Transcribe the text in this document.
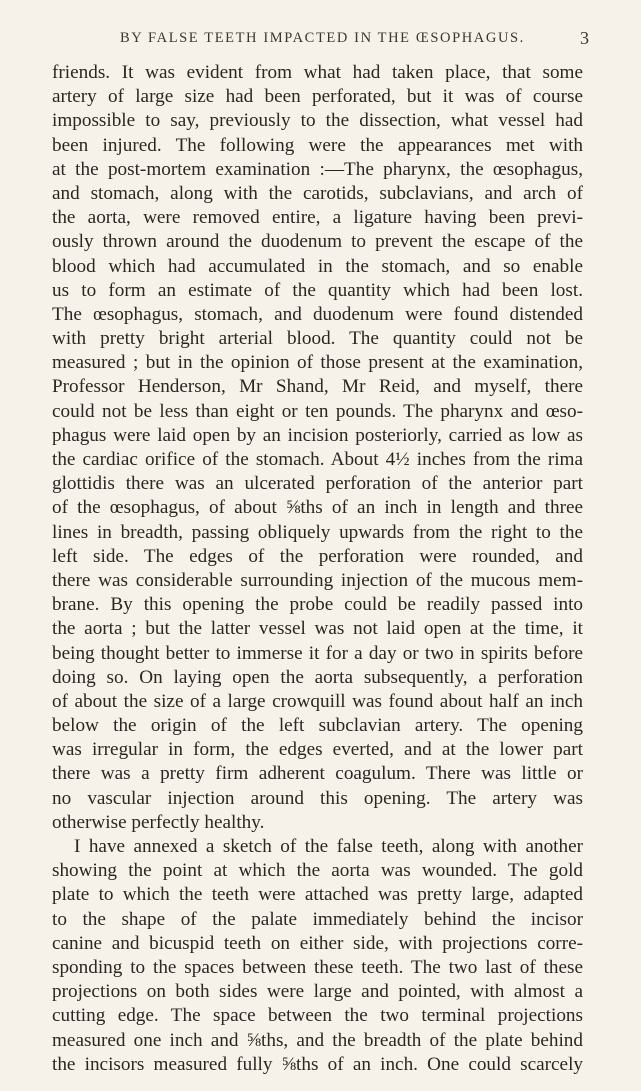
BY FALSE TEETH IMPACTED IN THE ŒSOPHAGUS.	3
friends. It was evident from what had taken place, that some
artery of large size had been perforated, but it was of course
impossible to say, previously to the dissection, what vessel had
been injured. The following were the appearances met with
at the post-mortem examination :—The pharynx, the œsophagus,
and stomach, along with the carotids, subclavians, and arch of
the aorta, were removed entire, a ligature having been previ-
ously thrown around the duodenum to prevent the escape of the
blood which had accumulated in the stomach, and so enable
us to form an estimate of the quantity which had been lost.
The œsophagus, stomach, and duodenum were found distended
with pretty bright arterial blood. The quantity could not be
measured ; but in the opinion of those present at the examination,
Professor Henderson, Mr Shand, Mr Reid, and myself, there
could not be less than eight or ten pounds. The pharynx and œso-
phagus were laid open by an incision posteriorly, carried as low as
the cardiac orifice of the stomach. About 4½ inches from the rima
glottidis there was an ulcerated perforation of the anterior part
of the œsophagus, of about ⅝ths of an inch in length and three
lines in breadth, passing obliquely upwards from the right to the
left side. The edges of the perforation were rounded, and
there was considerable surrounding injection of the mucous mem-
brane. By this opening the probe could be readily passed into
the aorta ; but the latter vessel was not laid open at the time, it
being thought better to immerse it for a day or two in spirits before
doing so. On laying open the aorta subsequently, a perforation
of about the size of a large crowquill was found about half an inch
below the origin of the left subclavian artery. The opening
was irregular in form, the edges everted, and at the lower part
there was a pretty firm adherent coagulum. There was little or
no vascular injection around this opening. The artery was
otherwise perfectly healthy.
I have annexed a sketch of the false teeth, along with another
showing the point at which the aorta was wounded. The gold
plate to which the teeth were attached was pretty large, adapted
to the shape of the palate immediately behind the incisor
canine and bicuspid teeth on either side, with projections corre-
sponding to the spaces between these teeth. The two last of these
projections on both sides were large and pointed, with almost a
cutting edge. The space between the two terminal projections
measured one inch and ⅝ths, and the breadth of the plate behind
the incisors measured fully ⅝ths of an inch. One could scarcely
